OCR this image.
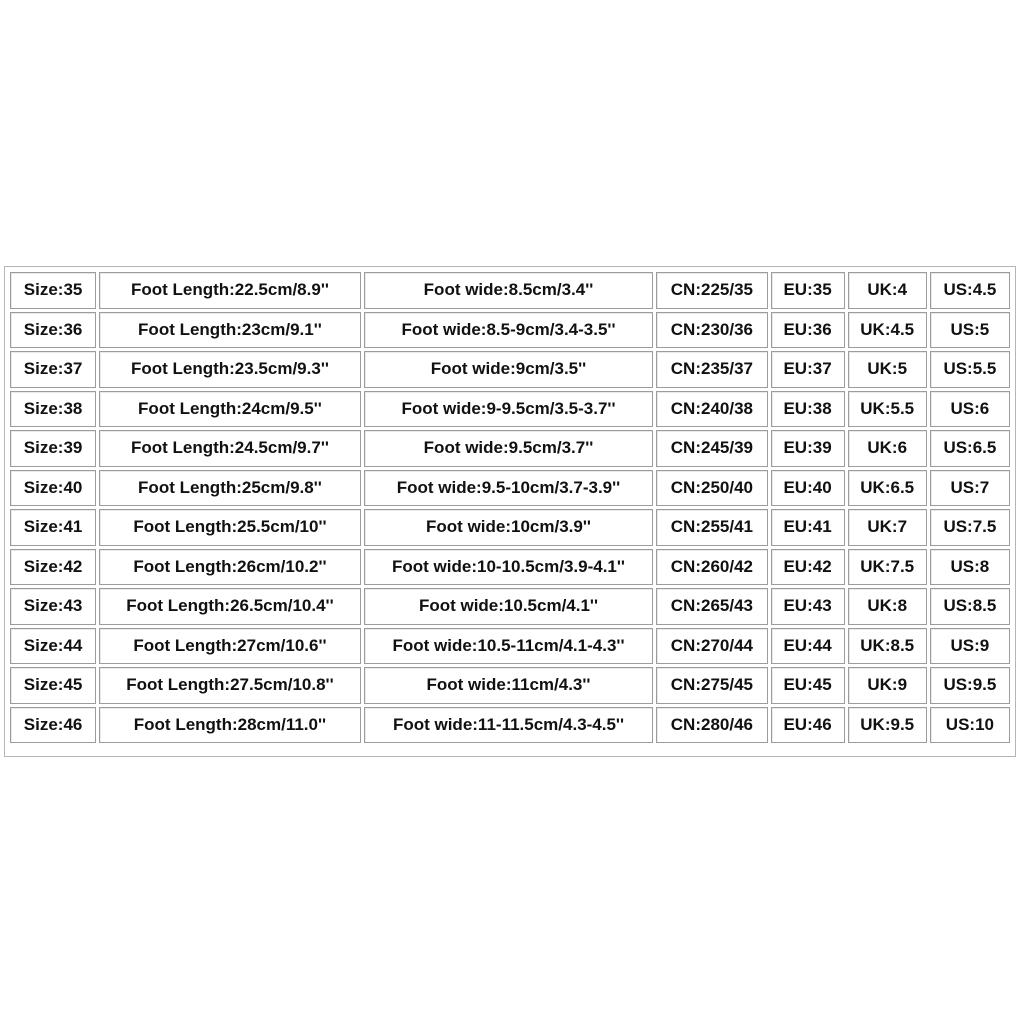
Size:35	Foot Length:22.5cm/8.9''	Foot wide:8.5cm/3.4''	CN:225/35	EU:35	UK:4	US:4.5
Size:36	Foot Length:23cm/9.1''	Foot wide:8.5-9cm/3.4-3.5''	CN:230/36	EU:36	UK:4.5	US:5
Size:37	Foot Length:23.5cm/9.3''	Foot wide:9cm/3.5''	CN:235/37	EU:37	UK:5	US:5.5
Size:38	Foot Length:24cm/9.5''	Foot wide:9-9.5cm/3.5-3.7''	CN:240/38	EU:38	UK:5.5	US:6
Size:39	Foot Length:24.5cm/9.7''	Foot wide:9.5cm/3.7''	CN:245/39	EU:39	UK:6	US:6.5
Size:40	Foot Length:25cm/9.8''	Foot wide:9.5-10cm/3.7-3.9''	CN:250/40	EU:40	UK:6.5	US:7
Size:41	Foot Length:25.5cm/10''	Foot wide:10cm/3.9''	CN:255/41	EU:41	UK:7	US:7.5
Size:42	Foot Length:26cm/10.2''	Foot wide:10-10.5cm/3.9-4.1''	CN:260/42	EU:42	UK:7.5	US:8
Size:43	Foot Length:26.5cm/10.4''	Foot wide:10.5cm/4.1''	CN:265/43	EU:43	UK:8	US:8.5
Size:44	Foot Length:27cm/10.6''	Foot wide:10.5-11cm/4.1-4.3''	CN:270/44	EU:44	UK:8.5	US:9
Size:45	Foot Length:27.5cm/10.8''	Foot wide:11cm/4.3''	CN:275/45	EU:45	UK:9	US:9.5
Size:46	Foot Length:28cm/11.0''	Foot wide:11-11.5cm/4.3-4.5''	CN:280/46	EU:46	UK:9.5	US:10
